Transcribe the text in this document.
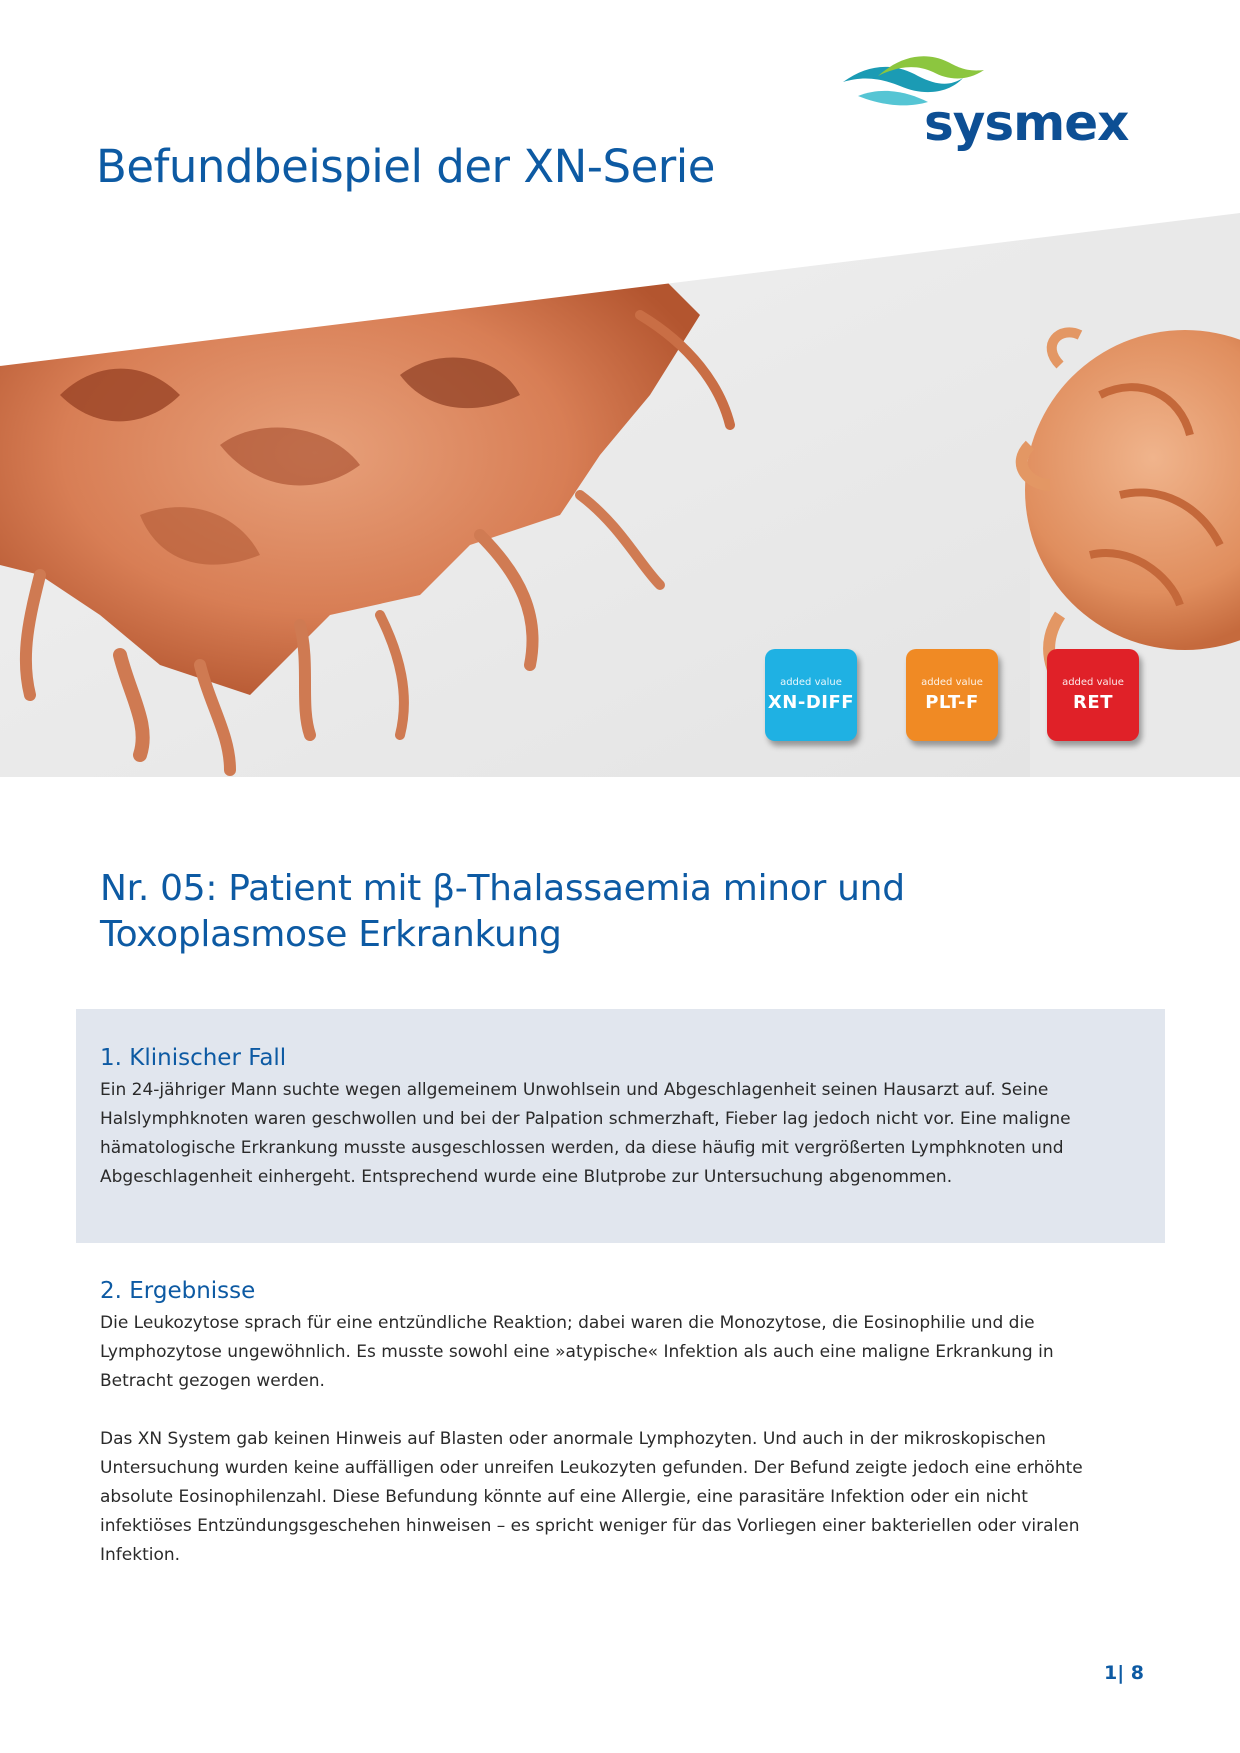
sysmex
Befundbeispiel der XN-Serie
added value
XN-DIFF
added value
PLT-F
added value
RET
Nr. 05: Patient mit β-Thalassaemia minor und
Toxoplasmose Erkrankung
1. Klinischer Fall

Ein 24-jähriger Mann suchte wegen allgemeinem Unwohlsein und Abgeschlagenheit seinen Hausarzt auf. Seine Halslymphknoten waren geschwollen und bei der Palpation schmerzhaft, Fieber lag jedoch nicht vor. Eine maligne hämatologische Erkrankung musste ausgeschlossen werden, da diese häufig mit vergrößerten Lymphknoten und Abgeschlagenheit einhergeht. Entsprechend wurde eine Blutprobe zur Untersuchung abgenommen.

2. Ergebnisse

Die Leukozytose sprach für eine entzündliche Reaktion; dabei waren die Monozytose, die Eosinophilie und die Lymphozytose ungewöhnlich. Es musste sowohl eine »atypische« Infektion als auch eine maligne Erkrankung in Betracht gezogen werden.

Das XN System gab keinen Hinweis auf Blasten oder anormale Lymphozyten. Und auch in der mikroskopischen Untersuchung wurden keine auffälligen oder unreifen Leukozyten gefunden. Der Befund zeigte jedoch eine erhöhte absolute Eosinophilenzahl. Diese Befundung könnte auf eine Allergie, eine parasitäre Infektion oder ein nicht infektiöses Entzündungsgeschehen hinweisen – es spricht weniger für das Vorliegen einer bakteriellen oder viralen Infektion.

1| 8
